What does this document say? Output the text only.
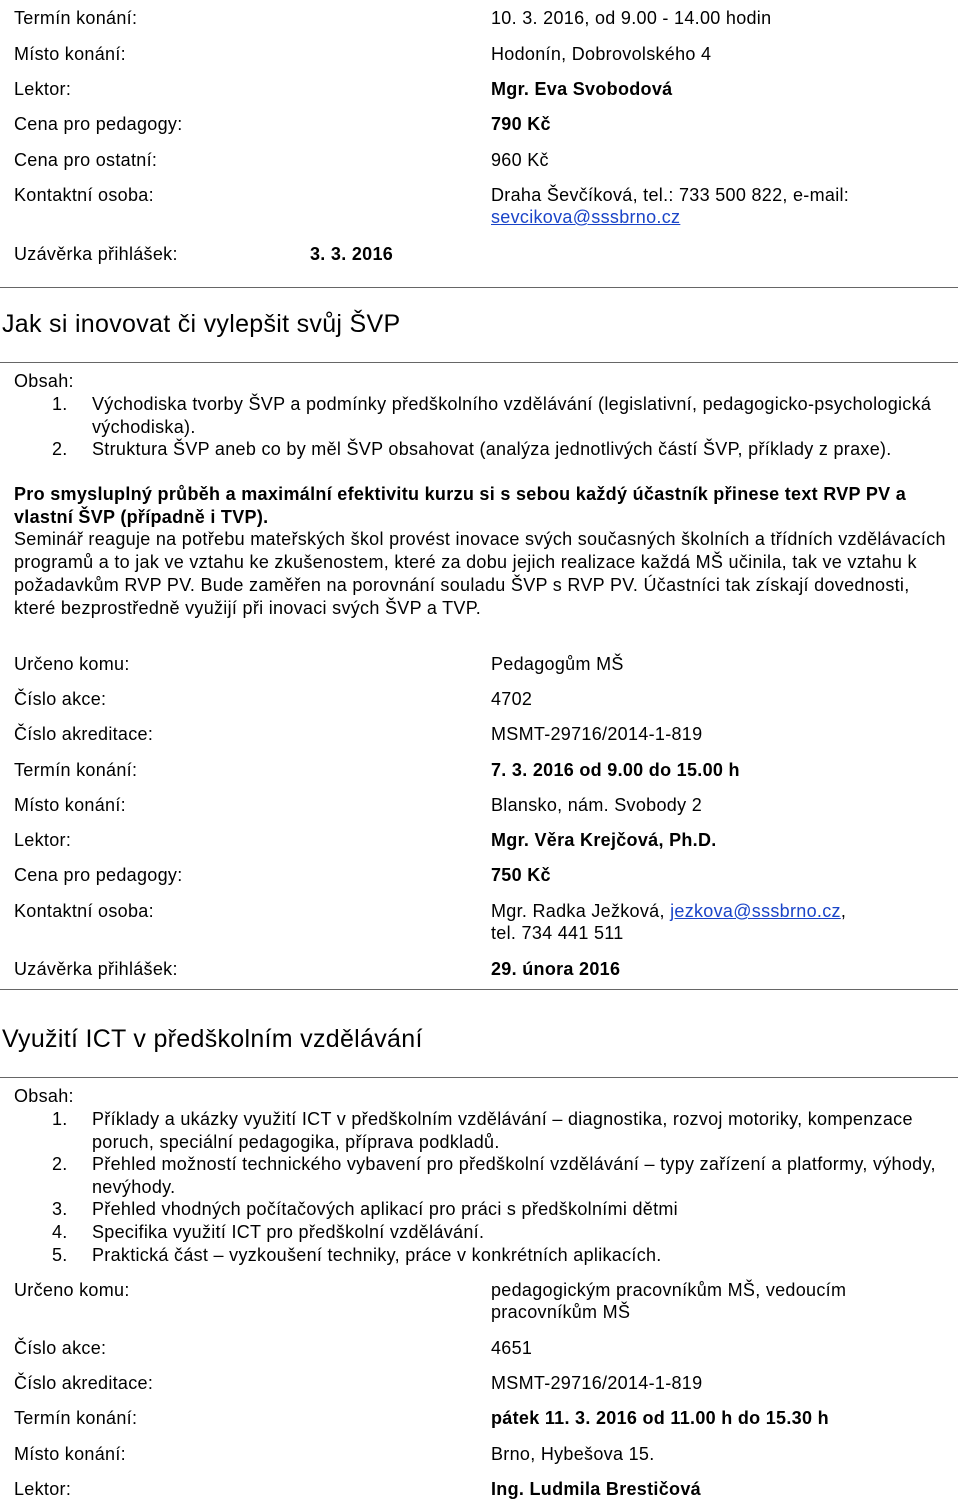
Termín konání:	10. 3. 2016, od 9.00 - 14.00 hodin
Místo konání:	Hodonín, Dobrovolského 4
Lektor:	Mgr. Eva Svobodová
Cena pro pedagogy:	790 Kč
Cena pro ostatní:	960 Kč
Kontaktní osoba:	Draha Ševčíková, tel.: 733 500 822, e-mail:
sevcikova@sssbrno.cz
Uzávěrka přihlášek:	3. 3. 2016
Jak si inovovat či vylepšit svůj ŠVP
Obsah:
1. Východiska tvorby ŠVP a podmínky předškolního vzdělávání (legislativní, pedagogicko-psychologická východiska).
2. Struktura ŠVP aneb co by měl ŠVP obsahovat (analýza jednotlivých částí ŠVP, příklady z praxe).
Pro smysluplný průběh a maximální efektivitu kurzu si s sebou každý účastník přinese text RVP PV a vlastní ŠVP (případně i TVP).
Seminář reaguje na potřebu mateřských škol provést inovace svých současných školních a třídních vzdělávacích programů a to jak ve vztahu ke zkušenostem, které za dobu jejich realizace každá MŠ učinila, tak ve vztahu k požadavkům RVP PV. Bude zaměřen na porovnání souladu ŠVP s RVP PV. Účastníci tak získají dovednosti, které bezprostředně využijí při inovaci svých ŠVP a TVP.
Určeno komu:	Pedagogům MŠ
Číslo akce:	4702
Číslo akreditace:	MSMT-29716/2014-1-819
Termín konání:	7. 3. 2016 od 9.00 do 15.00 h
Místo konání:	Blansko, nám. Svobody 2
Lektor:	Mgr. Věra Krejčová, Ph.D.
Cena pro pedagogy:	750 Kč
Kontaktní osoba:	Mgr. Radka Ježková, jezkova@sssbrno.cz,
tel. 734 441 511
Uzávěrka přihlášek:	29. února 2016
Využití ICT v předškolním vzdělávání
Obsah:
1. Příklady a ukázky využití ICT v předškolním vzdělávání – diagnostika, rozvoj motoriky, kompenzace poruch, speciální pedagogika, příprava podkladů.
2. Přehled možností technického vybavení pro předškolní vzdělávání – typy zařízení a platformy, výhody, nevýhody.
3. Přehled vhodných počítačových aplikací pro práci s předškolními dětmi
4. Specifika využití ICT pro předškolní vzdělávání.
5. Praktická část – vyzkoušení techniky, práce v konkrétních aplikacích.
Určeno komu:	pedagogickým pracovníkům MŠ, vedoucím pracovníkům MŠ
Číslo akce:	4651
Číslo akreditace:	MSMT-29716/2014-1-819
Termín konání:	pátek 11. 3. 2016 od 11.00 h do 15.30 h
Místo konání:	Brno, Hybešova 15.
Lektor:	Ing. Ludmila Brestičová
